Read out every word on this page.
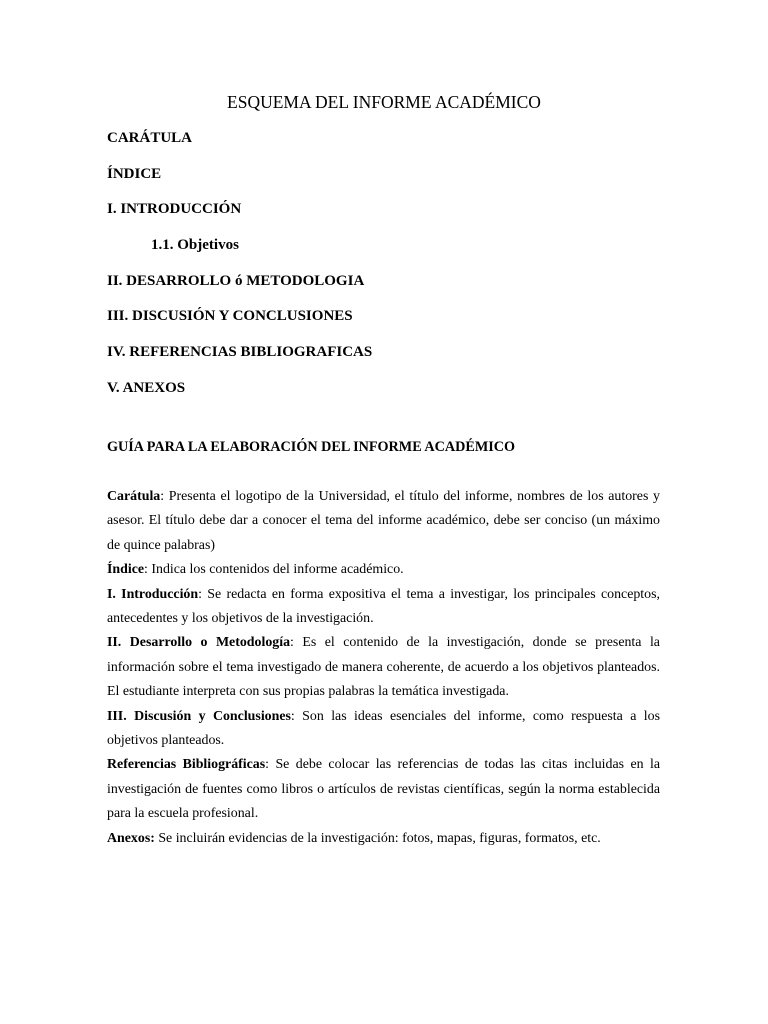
ESQUEMA DEL INFORME ACADÉMICO
CARÁTULA
ÍNDICE
I. INTRODUCCIÓN
1.1. Objetivos
II. DESARROLLO ó METODOLOGIA
III. DISCUSIÓN Y CONCLUSIONES
IV. REFERENCIAS BIBLIOGRAFICAS
V. ANEXOS
GUÍA PARA LA ELABORACIÓN DEL INFORME ACADÉMICO

Carátula: Presenta el logotipo de la Universidad, el título del informe, nombres de los autores y asesor. El título debe dar a conocer el tema del informe académico, debe ser conciso (un máximo de quince palabras)

Índice: Indica los contenidos del informe académico.

I. Introducción: Se redacta en forma expositiva el tema a investigar, los principales conceptos, antecedentes y los objetivos de la investigación.

II. Desarrollo o Metodología: Es el contenido de la investigación, donde se presenta la información sobre el tema investigado de manera coherente, de acuerdo a los objetivos planteados. El estudiante interpreta con sus propias palabras la temática investigada.

III. Discusión y Conclusiones: Son las ideas esenciales del informe, como respuesta a los objetivos planteados.

Referencias Bibliográficas: Se debe colocar las referencias de todas las citas incluidas en la investigación de fuentes como libros o artículos de revistas científicas, según la norma establecida para la escuela profesional.

Anexos: Se incluirán evidencias de la investigación: fotos, mapas, figuras, formatos, etc.
